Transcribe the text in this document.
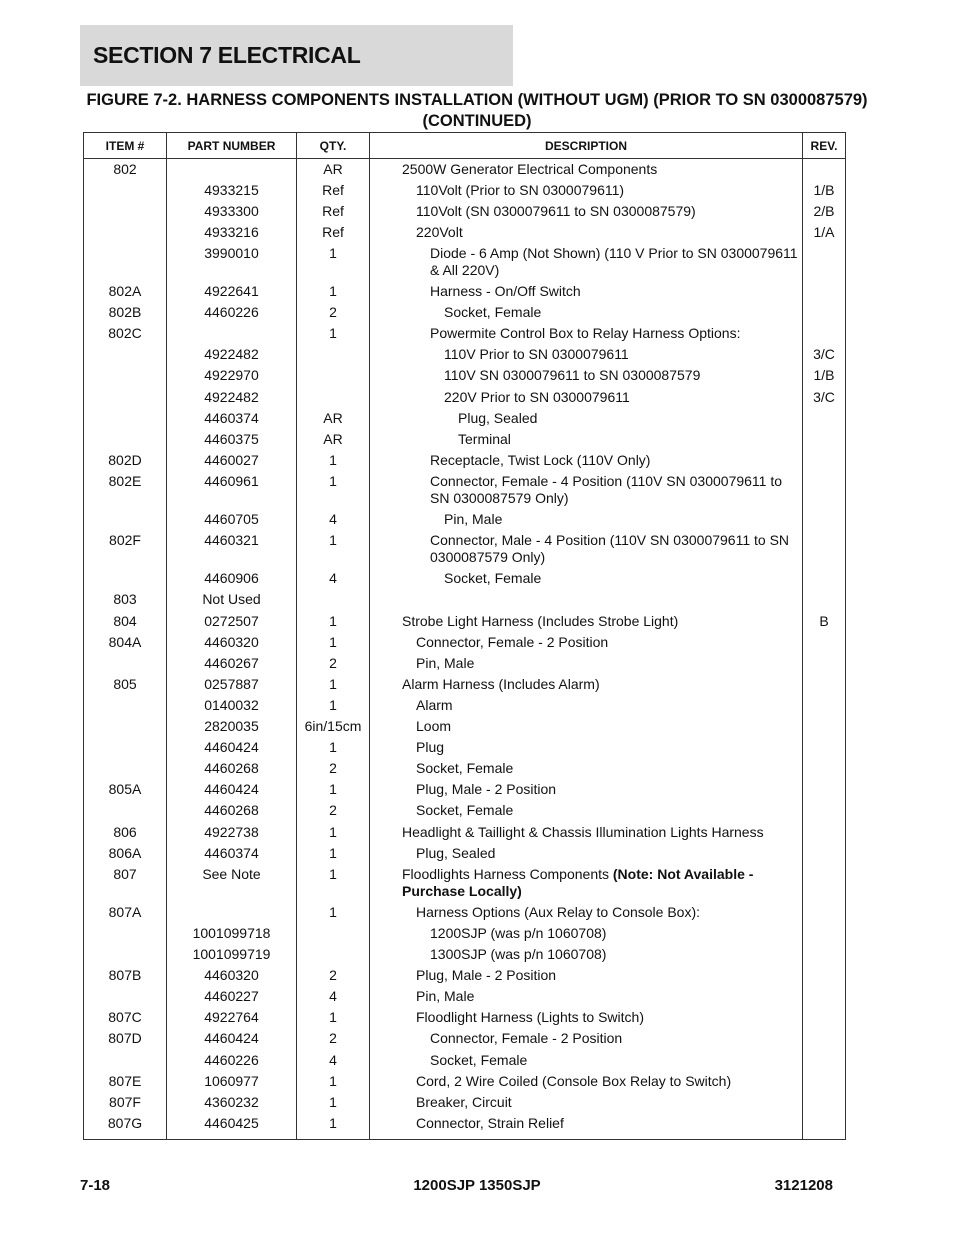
SECTION 7 ELECTRICAL
FIGURE 7-2. HARNESS COMPONENTS INSTALLATION (WITHOUT UGM) (PRIOR TO SN 0300087579) (CONTINUED)
ITEM #	PART NUMBER	QTY.	DESCRIPTION	REV.
802		AR	2500W Generator Electrical Components	

	4933215	Ref	110Volt (Prior to SN 0300079611)	1/B
	4933300	Ref	110Volt (SN 0300079611 to SN 0300087579)	2/B
	4933216	Ref	220Volt	1/A
	3990010	1	Diode - 6 Amp (Not Shown) (110 V Prior to SN 0300079611 & All 220V)	

802A	4922641	1	Harness - On/Off Switch	

802B	4460226	2	Socket, Female	

802C		1	Powermite Control Box to Relay Harness Options:	

	4922482		110V Prior to SN 0300079611	3/C
	4922970		110V SN 0300079611 to SN 0300087579	1/B
	4922482		220V Prior to SN 0300079611	3/C
	4460374	AR	Plug, Sealed	

	4460375	AR	Terminal	

802D	4460027	1	Receptacle, Twist Lock (110V Only)	

802E	4460961	1	Connector, Female - 4 Position (110V SN 0300079611 to SN 0300087579 Only)	

	4460705	4	Pin, Male	

802F	4460321	1	Connector, Male - 4 Position (110V SN 0300079611 to SN 0300087579 Only)	

	4460906	4	Socket, Female	

803	Not Used		

804	0272507	1	Strobe Light Harness (Includes Strobe Light)	B
804A	4460320	1	Connector, Female - 2 Position	

	4460267	2	Pin, Male	

805	0257887	1	Alarm Harness (Includes Alarm)	

	0140032	1	Alarm	

	2820035	6in/15cm	Loom	

	4460424	1	Plug	

	4460268	2	Socket, Female	

805A	4460424	1	Plug, Male - 2 Position	

	4460268	2	Socket, Female	

806	4922738	1	Headlight & Taillight & Chassis Illumination Lights Harness	

806A	4460374	1	Plug, Sealed	

807	See Note	1	Floodlights Harness Components (Note: Not Available - Purchase Locally)	

807A		1	Harness Options (Aux Relay to Console Box):	

	1001099718		1200SJP (was p/n 1060708)	

	1001099719		1300SJP (was p/n 1060708)	

807B	4460320	2	Plug, Male - 2 Position	

	4460227	4	Pin, Male	

807C	4922764	1	Floodlight Harness (Lights to Switch)	

807D	4460424	2	Connector, Female - 2 Position	

	4460226	4	Socket, Female	

807E	1060977	1	Cord, 2 Wire Coiled (Console Box Relay to Switch)	

807F	4360232	1	Breaker, Circuit	

807G	4460425	1	Connector, Strain Relief	

7-18	1200SJP 1350SJP	3121208
